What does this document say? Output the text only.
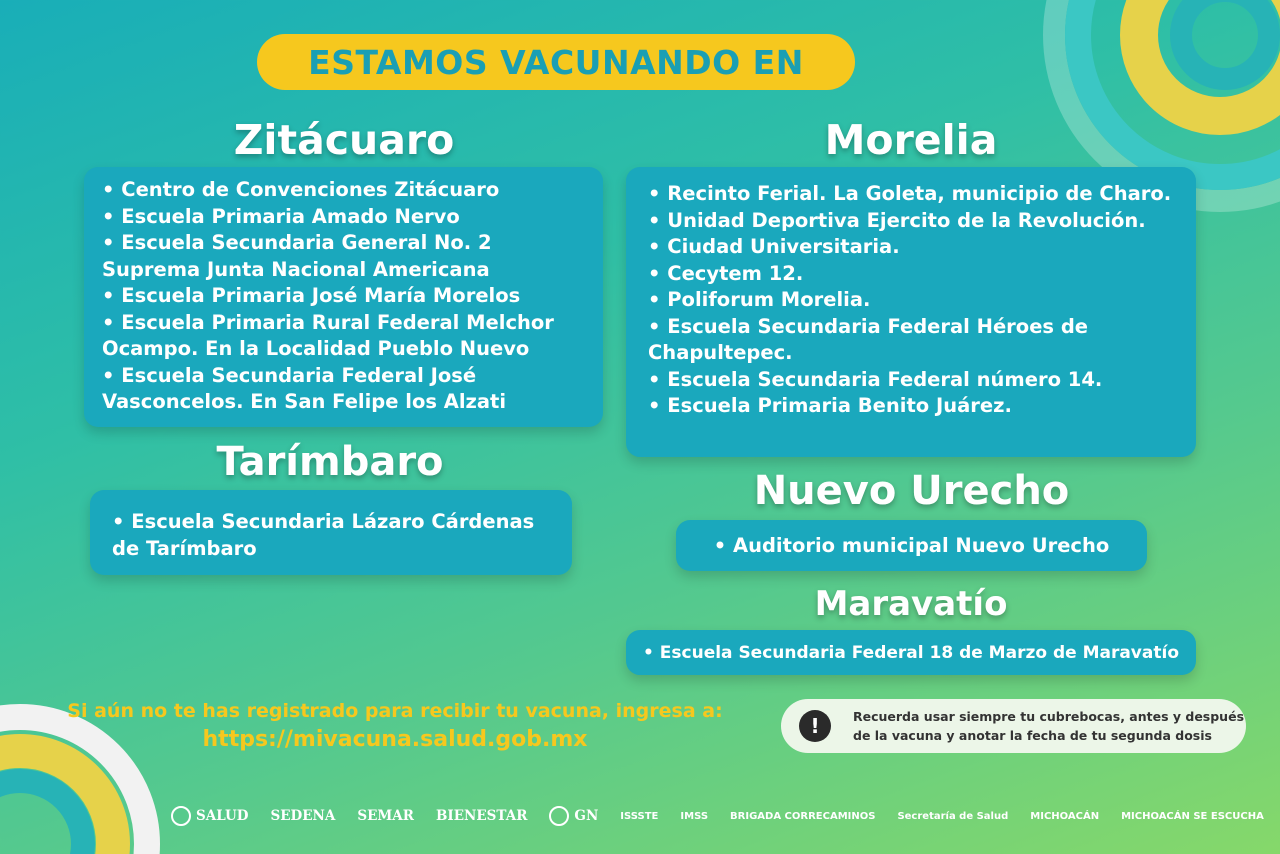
ESTAMOS VACUNANDO EN
Zitácuaro
• Centro de Convenciones Zitácuaro
• Escuela Primaria Amado Nervo
• Escuela Secundaria General No. 2 Suprema Junta Nacional Americana
• Escuela Primaria José María Morelos
• Escuela Primaria Rural Federal Melchor Ocampo. En la Localidad Pueblo Nuevo
• Escuela Secundaria Federal José Vasconcelos. En San Felipe los Alzati
Tarímbaro
• Escuela Secundaria Lázaro Cárdenas de Tarímbaro
Morelia
• Recinto Ferial. La Goleta, municipio de Charo.
• Unidad Deportiva Ejercito de la Revolución.
• Ciudad Universitaria.
• Cecytem 12.
• Poliforum Morelia.
• Escuela Secundaria Federal Héroes de Chapultepec.
• Escuela Secundaria Federal número 14.
• Escuela Primaria Benito Juárez.
Nuevo Urecho
• Auditorio municipal Nuevo Urecho
Maravatío
• Escuela Secundaria Federal 18 de Marzo de Maravatío
Si aún no te has registrado para recibir tu vacuna, ingresa a:
https://mivacuna.salud.gob.mx
!	Recuerda usar siempre tu cubrebocas, antes y después de la vacuna y anotar la fecha de tu segunda dosis
SALUD	SEDENA	SEMAR	BIENESTAR	GN	ISSSTE	IMSS	BRIGADA CORRECAMINOS	Secretaría de Salud	MICHOACÁN	MICHOACÁN SE ESCUCHA
